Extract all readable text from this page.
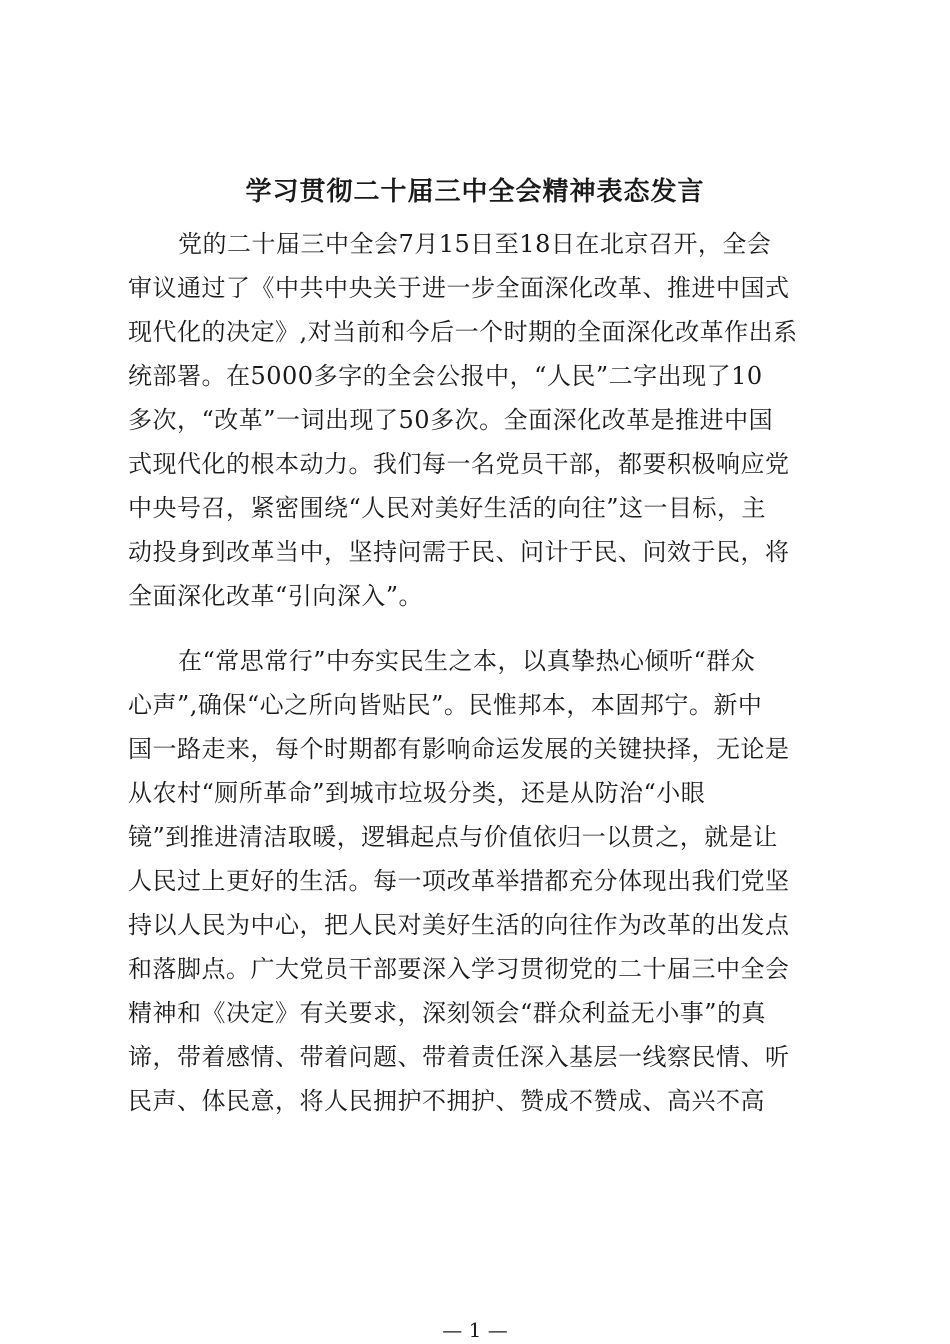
学习贯彻二十届三中全会精神表态发言
党的二十届三中全会7月15日至18日在北京召开，全会
审议通过了《中共中央关于进一步全面深化改革、推进中国式
现代化的决定》,对当前和今后一个时期的全面深化改革作出系
统部署。在5000多字的全会公报中，“人民”二字出现了10
多次，“改革”一词出现了50多次。全面深化改革是推进中国
式现代化的根本动力。我们每一名党员干部，都要积极响应党
中央号召，紧密围绕“人民对美好生活的向往”这一目标，主
动投身到改革当中，坚持问需于民、问计于民、问效于民，将
全面深化改革“引向深入”。
在“常思常行”中夯实民生之本，以真挚热心倾听“群众
心声”,确保“心之所向皆贴民”。民惟邦本，本固邦宁。新中
国一路走来，每个时期都有影响命运发展的关键抉择，无论是
从农村“厕所革命”到城市垃圾分类，还是从防治“小眼
镜”到推进清洁取暖，逻辑起点与价值依归一以贯之，就是让
人民过上更好的生活。每一项改革举措都充分体现出我们党坚
持以人民为中心，把人民对美好生活的向往作为改革的出发点
和落脚点。广大党员干部要深入学习贯彻党的二十届三中全会
精神和《决定》有关要求，深刻领会“群众利益无小事”的真
谛，带着感情、带着问题、带着责任深入基层一线察民情、听
民声、体民意，将人民拥护不拥护、赞成不赞成、高兴不高
— 1 —
